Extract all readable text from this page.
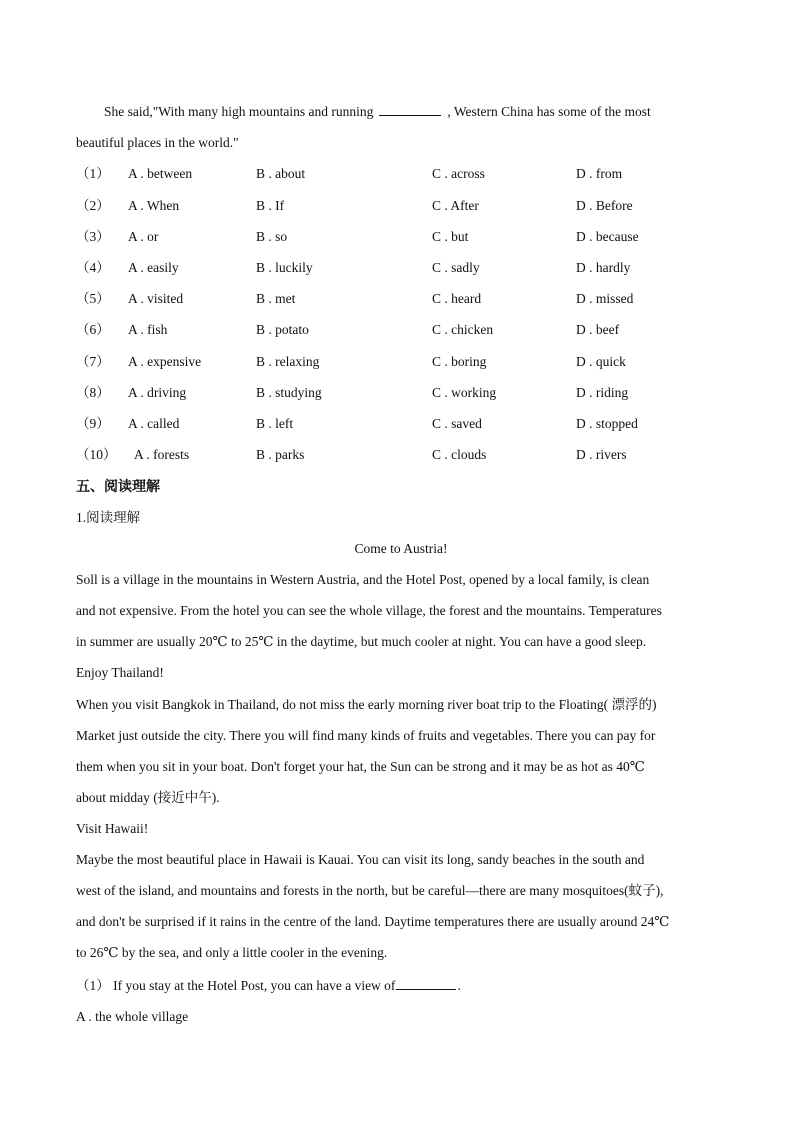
She said,"With many high mountains and running	, Western China has some of the most
beautiful places in the world."
（1） A . between	B . about	C . across	D . from
（2） A . When	B . If	C . After	D . Before
（3） A . or	B . so	C . but	D . because
（4） A . easily	B . luckily	C . sadly	D . hardly
（5） A . visited	B . met	C . heard	D . missed
（6） A . fish	B . potato	C . chicken	D . beef
（7） A . expensive	B . relaxing	C . boring	D . quick
（8） A . driving	B . studying	C . working	D . riding
（9） A . called	B . left	C . saved	D . stopped
（10） A . forests	B . parks	C . clouds	D . rivers
五、阅读理解
1.阅读理解
Come to Austria!
Soll is a village in the mountains in Western Austria, and the Hotel Post, opened by a local family, is clean
and not expensive. From the hotel you can see the whole village, the forest and the mountains. Temperatures
in summer are usually 20℃ to 25℃ in the daytime, but much cooler at night. You can have a good sleep.
Enjoy Thailand!
When you visit Bangkok in Thailand, do not miss the early morning river boat trip to the Floating( 漂浮的)
Market just outside the city. There you will find many kinds of fruits and vegetables. There you can pay for
them when you sit in your boat. Don't forget your hat, the Sun can be strong and it may be as hot as 40℃
about midday (接近中午).
Visit Hawaii!
Maybe the most beautiful place in Hawaii is Kauai. You can visit its long, sandy beaches in the south and
west of the island, and mountains and forests in the north, but be careful—there are many mosquitoes(蚊子),
and don't be surprised if it rains in the centre of the land. Daytime temperatures there are usually around 24℃
to 26℃ by the sea, and only a little cooler in the evening.
（1） If you stay at the Hotel Post, you can have a view of	.
A . the whole village
